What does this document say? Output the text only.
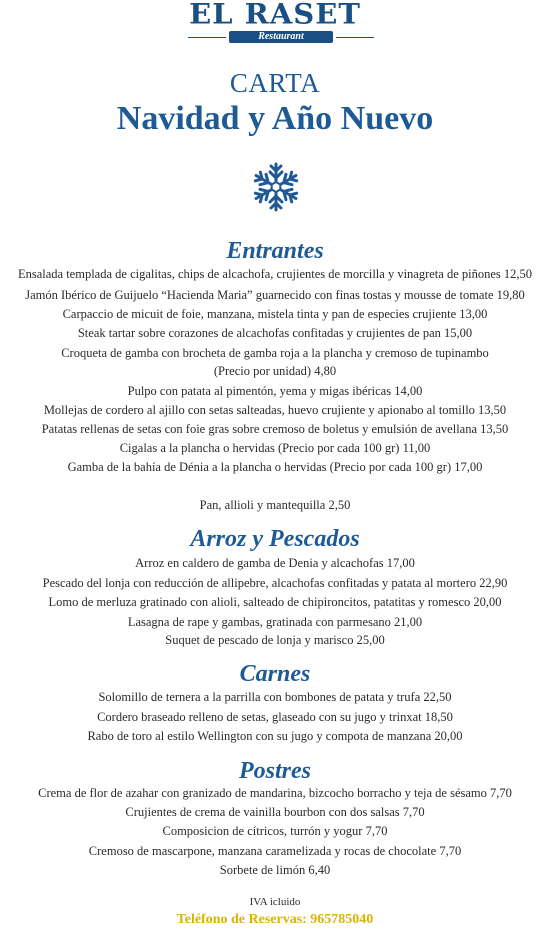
EL RASET
Restaurant
CARTA
Navidad y Año Nuevo
Entrantes
Ensalada templada de cigalitas, chips de alcachofa, crujientes de morcilla y vinagreta de piñones 12,50
Jamón Ibérico de Guijuelo “Hacienda Maria” guarnecido con finas tostas y mousse de tomate 19,80
Carpaccio de micuit de foie, manzana, mistela tinta y pan de especies crujiente 13,00
Steak tartar sobre corazones de alcachofas confitadas y crujientes de pan 15,00
Croqueta de gamba con brocheta de gamba roja a la plancha y cremoso de tupinambo
(Precio por unidad) 4,80
Pulpo con patata al pimentón, yema y migas ibéricas 14,00
Mollejas de cordero al ajillo con setas salteadas, huevo crujiente y apionabo al tomillo 13,50
Patatas rellenas de setas con foie gras sobre cremoso de boletus y emulsión de avellana 13,50
Cigalas a la plancha o hervidas (Precio por cada 100 gr) 11,00
Gamba de la bahía de Dénia a la plancha o hervidas (Precio por cada 100 gr) 17,00
Pan, allioli y mantequilla 2,50
Arroz y Pescados
Arroz en caldero de gamba de Denia y alcachofas 17,00
Pescado del lonja con reducción de allipebre, alcachofas confitadas y patata al mortero 22,90
Lomo de merluza gratinado con alioli, salteado de chipironcitos, patatitas y romesco 20,00
Lasagna de rape y gambas, gratinada con parmesano 21,00
Suquet de pescado de lonja y marisco 25,00
Carnes
Solomillo de ternera a la parrilla con bombones de patata y trufa 22,50
Cordero braseado relleno de setas, glaseado con su jugo y trinxat 18,50
Rabo de toro al estilo Wellington con su jugo y compota de manzana 20,00
Postres
Crema de flor de azahar con granizado de mandarina, bizcocho borracho y teja de sésamo 7,70
Crujientes de crema de vainilla bourbon con dos salsas 7,70
Composicion de cítricos, turrón y yogur 7,70
Cremoso de mascarpone, manzana caramelizada y rocas de chocolate 7,70
Sorbete de limón 6,40
IVA icluido
Teléfono de Reservas: 965785040
